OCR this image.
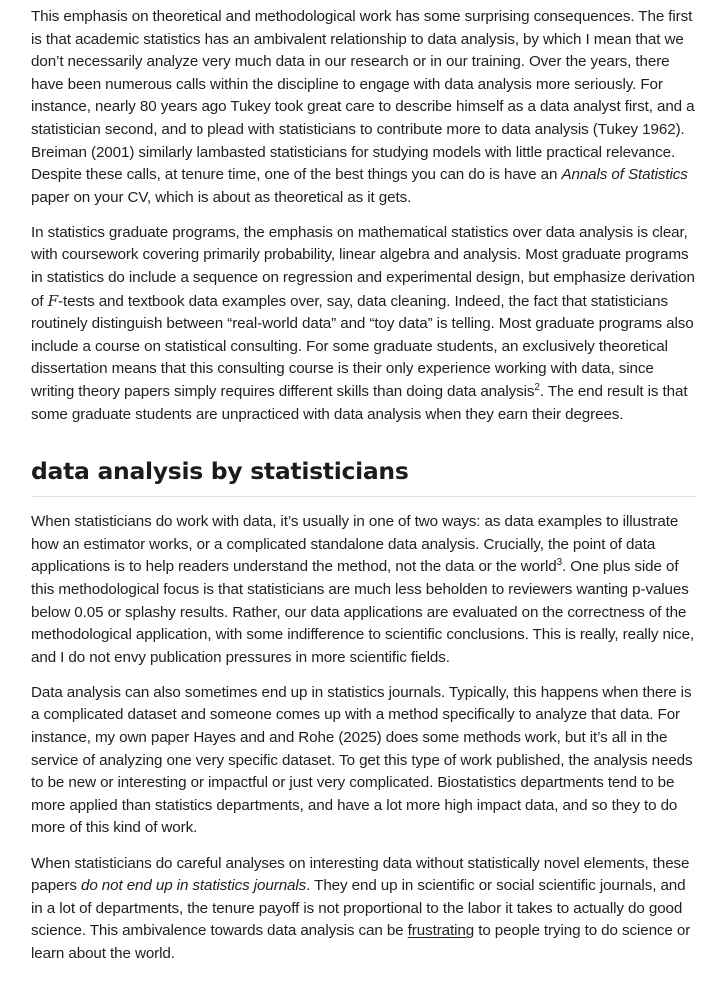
This emphasis on theoretical and methodological work has some surprising consequences. The first is that academic statistics has an ambivalent relationship to data analysis, by which I mean that we don’t necessarily analyze very much data in our research or in our training. Over the years, there have been numerous calls within the discipline to engage with data analysis more seriously. For instance, nearly 80 years ago Tukey took great care to describe himself as a data analyst first, and a statistician second, and to plead with statisticians to contribute more to data analysis (Tukey 1962). Breiman (2001) similarly lambasted statisticians for studying models with little practical relevance. Despite these calls, at tenure time, one of the best things you can do is have an Annals of Statistics paper on your CV, which is about as theoretical as it gets.

In statistics graduate programs, the emphasis on mathematical statistics over data analysis is clear, with coursework covering primarily probability, linear algebra and analysis. Most graduate programs in statistics do include a sequence on regression and experimental design, but emphasize derivation of F-tests and textbook data examples over, say, data cleaning. Indeed, the fact that statisticians routinely distinguish between “real-world data” and “toy data” is telling. Most graduate programs also include a course on statistical consulting. For some graduate students, an exclusively theoretical dissertation means that this consulting course is their only experience working with data, since writing theory papers simply requires different skills than doing data analysis$^2$. The end result is that some graduate students are unpracticed with data analysis when they earn their degrees.

data analysis by statisticians

When statisticians do work with data, it’s usually in one of two ways: as data examples to illustrate how an estimator works, or a complicated standalone data analysis. Crucially, the point of data applications is to help readers understand the method, not the data or the world$^3$. One plus side of this methodological focus is that statisticians are much less beholden to reviewers wanting p-values below 0.05 or splashy results. Rather, our data applications are evaluated on the correctness of the methodological application, with some indifference to scientific conclusions. This is really, really nice, and I do not envy publication pressures in more scientific fields.

Data analysis can also sometimes end up in statistics journals. Typically, this happens when there is a complicated dataset and someone comes up with a method specifically to analyze that data. For instance, my own paper Hayes and and Rohe (2025) does some methods work, but it’s all in the service of analyzing one very specific dataset. To get this type of work published, the analysis needs to be new or interesting or impactful or just very complicated. Biostatistics departments tend to be more applied than statistics departments, and have a lot more high impact data, and so they to do more of this kind of work.

When statisticians do careful analyses on interesting data without statistically novel elements, these papers do not end up in statistics journals. They end up in scientific or social scientific journals, and in a lot of departments, the tenure payoff is not proportional to the labor it takes to actually do good science. This ambivalence towards data analysis can be frustrating to people trying to do science or learn about the world.
